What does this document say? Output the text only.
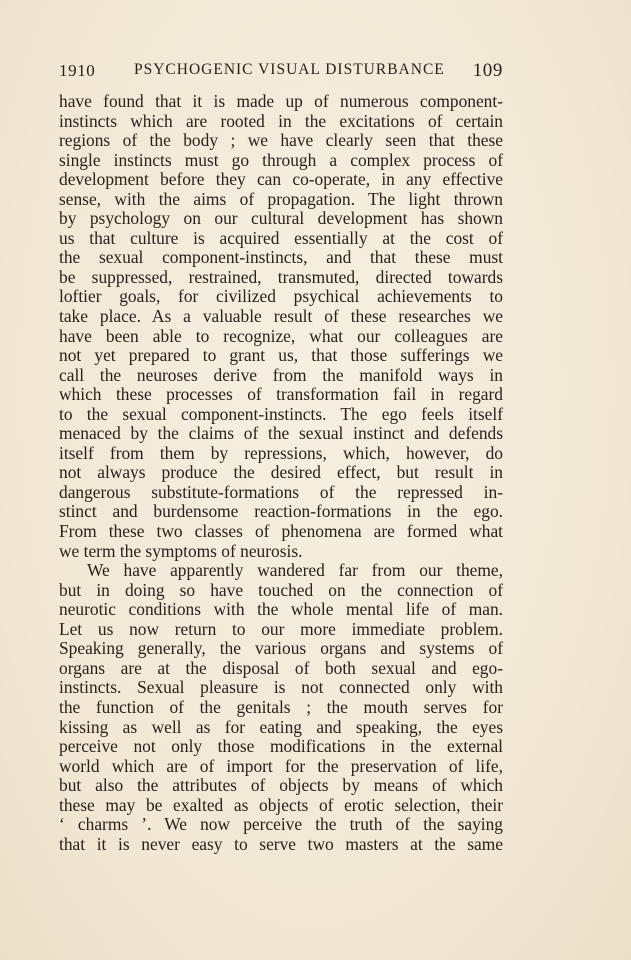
1910 PSYCHOGENIC VISUAL DISTURBANCE 109
have found that it is made up of numerous component-
instincts which are rooted in the excitations of certain
regions of the body ; we have clearly seen that these
single instincts must go through a complex process of
development before they can co-operate, in any effective
sense, with the aims of propagation. The light thrown
by psychology on our cultural development has shown
us that culture is acquired essentially at the cost of
the sexual component-instincts, and that these must
be suppressed, restrained, transmuted, directed towards
loftier goals, for civilized psychical achievements to
take place. As a valuable result of these researches we
have been able to recognize, what our colleagues are
not yet prepared to grant us, that those sufferings we
call the neuroses derive from the manifold ways in
which these processes of transformation fail in regard
to the sexual component-instincts. The ego feels itself
menaced by the claims of the sexual instinct and defends
itself from them by repressions, which, however, do
not always produce the desired effect, but result in
dangerous substitute-formations of the repressed in-
stinct and burdensome reaction-formations in the ego.
From these two classes of phenomena are formed what
we term the symptoms of neurosis.
We have apparently wandered far from our theme,
but in doing so have touched on the connection of
neurotic conditions with the whole mental life of man.
Let us now return to our more immediate problem.
Speaking generally, the various organs and systems of
organs are at the disposal of both sexual and ego-
instincts. Sexual pleasure is not connected only with
the function of the genitals ; the mouth serves for
kissing as well as for eating and speaking, the eyes
perceive not only those modifications in the external
world which are of import for the preservation of life,
but also the attributes of objects by means of which
these may be exalted as objects of erotic selection, their
‘ charms ’. We now perceive the truth of the saying
that it is never easy to serve two masters at the same
